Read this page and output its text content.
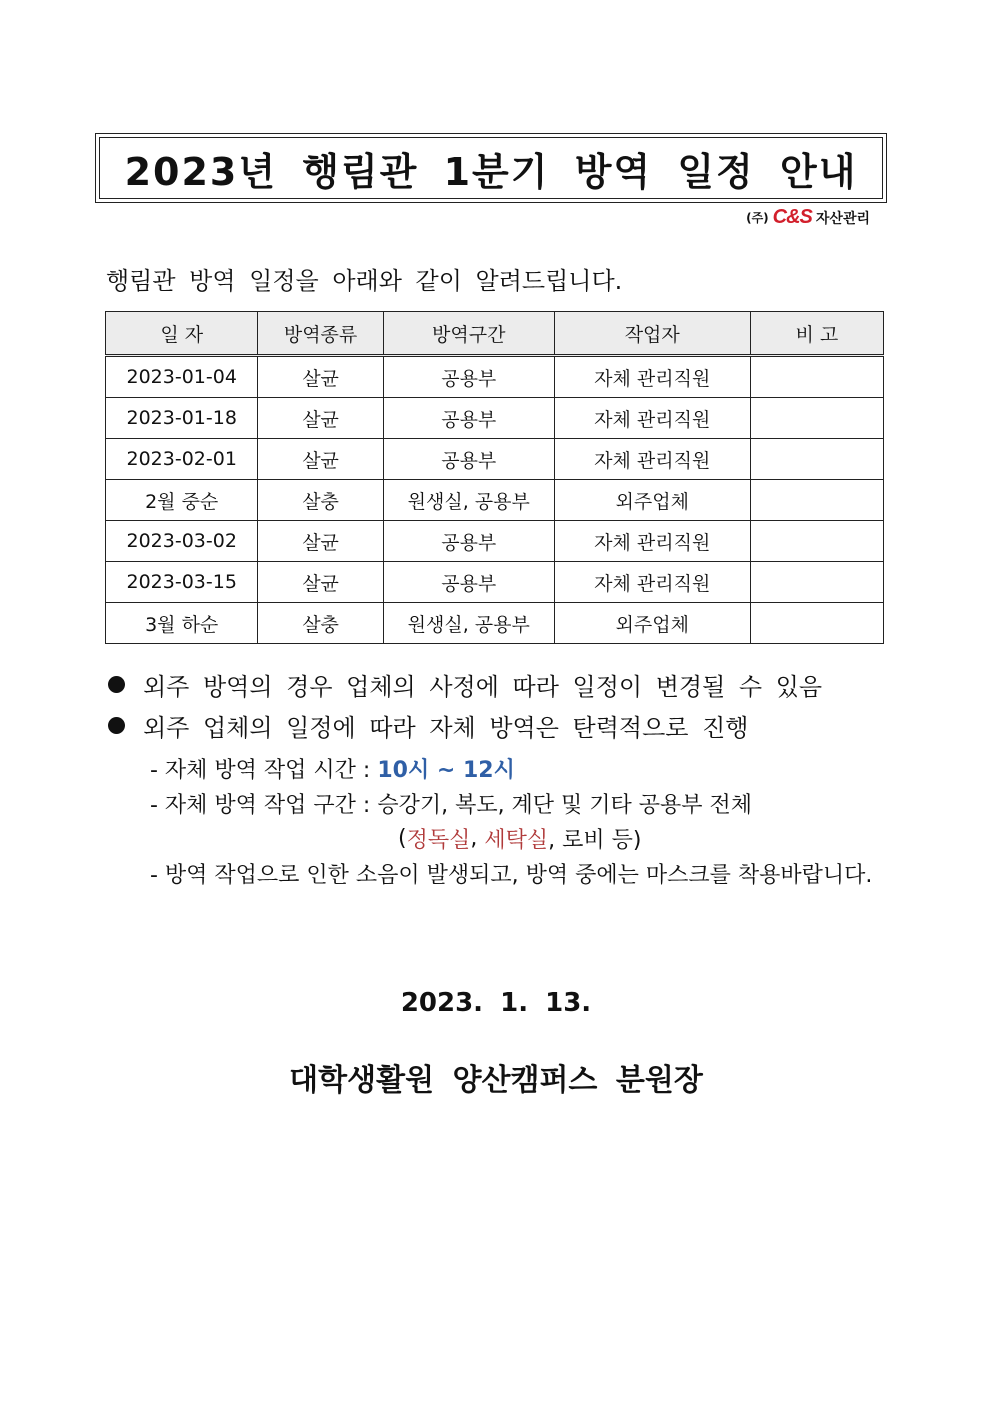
2023년 행림관 1분기 방역 일정 안내
(주) C&S 자산관리
행림관 방역 일정을 아래와 같이 알려드립니다.
일 자	방역종류	방역구간	작업자	비 고
2023-01-04	살균	공용부	자체 관리직원	
2023-01-18	살균	공용부	자체 관리직원	
2023-02-01	살균	공용부	자체 관리직원	
2월 중순	살충	원생실, 공용부	외주업체	
2023-03-02	살균	공용부	자체 관리직원	
2023-03-15	살균	공용부	자체 관리직원	
3월 하순	살충	원생실, 공용부	외주업체	
외주 방역의 경우 업체의 사정에 따라 일정이 변경될 수 있음
외주 업체의 일정에 따라 자체 방역은 탄력적으로 진행
- 자체 방역 작업 시간 : 10시 ~ 12시
- 자체 방역 작업 구간 : 승강기, 복도, 계단 및 기타 공용부 전체
( 정독실 , 세탁실 , 로비 등)
- 방역 작업으로 인한 소음이 발생되고, 방역 중에는 마스크를 착용바랍니다.
2023. 1. 13.
대학생활원 양산캠퍼스 분원장
